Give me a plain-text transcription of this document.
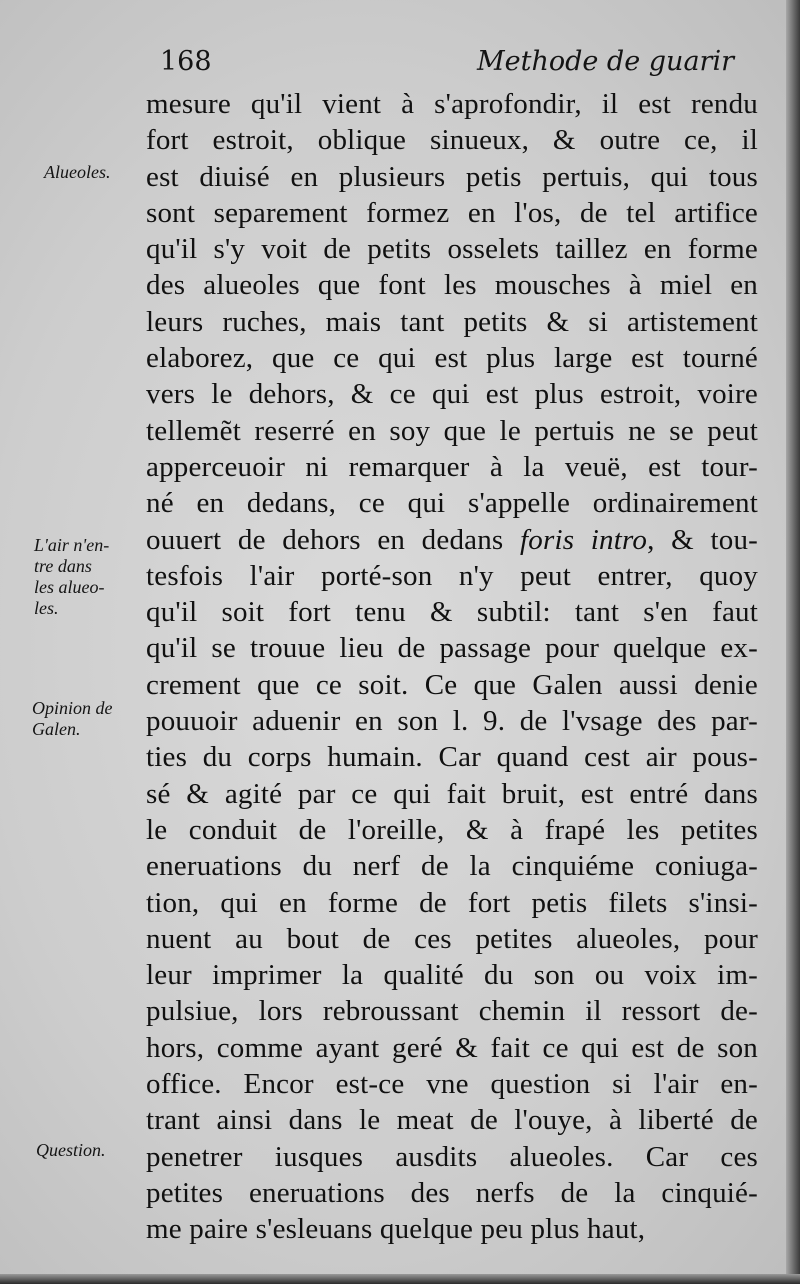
168	Methode de guarir
Alueoles.
L'air n'en-
tre dans
les alueo-
les.
Opinion de
Galen.
Question.
mesure qu'il vient à s'aprofondir, il est rendu
fort estroit, oblique sinueux, & outre ce, il
est diuisé en plusieurs petis pertuis, qui tous
sont separement formez en l'os, de tel artifice
qu'il s'y voit de petits osselets taillez en forme
des alueoles que font les mousches à miel en
leurs ruches, mais tant petits & si artistement
elaborez, que ce qui est plus large est tourné
vers le dehors, & ce qui est plus estroit, voire
tellemẽt reserré en soy que le pertuis ne se peut
apperceuoir ni remarquer à la veuë, est tour-
né en dedans, ce qui s'appelle ordinairement
ouuert de dehors en dedans foris intro, & tou-
tesfois l'air porté-son n'y peut entrer, quoy
qu'il soit fort tenu & subtil: tant s'en faut
qu'il se trouue lieu de passage pour quelque ex-
crement que ce soit. Ce que Galen aussi denie
pouuoir aduenir en son l. 9. de l'vsage des par-
ties du corps humain. Car quand cest air pous-
sé & agité par ce qui fait bruit, est entré dans
le conduit de l'oreille, & à frapé les petites
eneruations du nerf de la cinquiéme coniuga-
tion, qui en forme de fort petis filets s'insi-
nuent au bout de ces petites alueoles, pour
leur imprimer la qualité du son ou voix im-
pulsiue, lors rebroussant chemin il ressort de-
hors, comme ayant geré & fait ce qui est de son
office. Encor est-ce vne question si l'air en-
trant ainsi dans le meat de l'ouye, à liberté de
penetrer iusques ausdits alueoles. Car ces
petites eneruations des nerfs de la cinquié-
me paire s'esleuans quelque peu plus haut,
